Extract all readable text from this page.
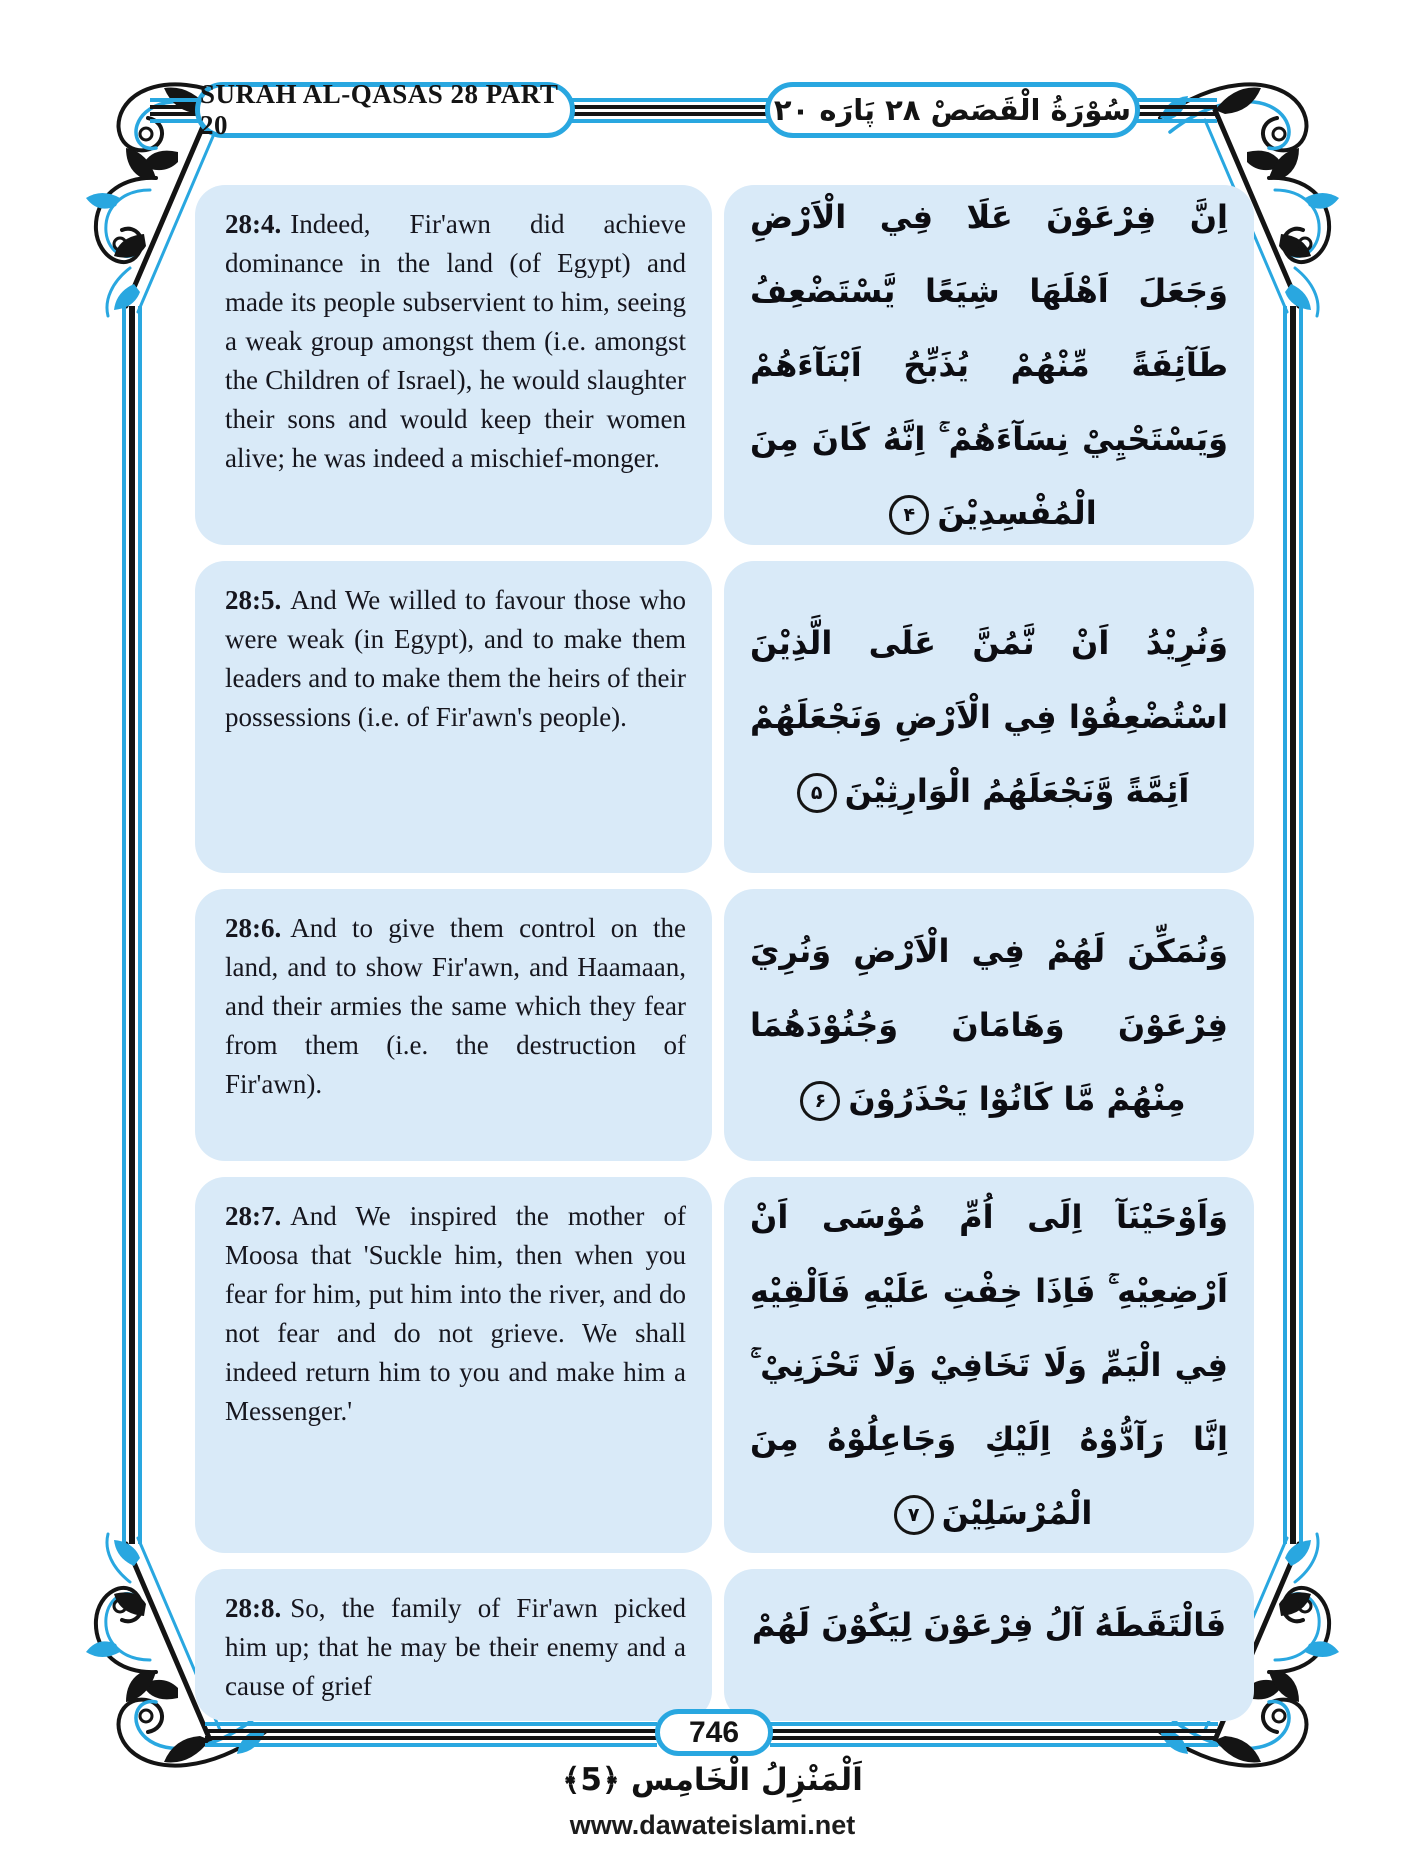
SURAH AL-QASAS 28 PART 20	سُوْرَةُ الْقَصَصْ ۲۸ پَارَه ۲۰

28:4. Indeed, Fir'awn did achieve dominance in the land (of Egypt) and made its people subservient to him, seeing a weak group amongst them (i.e. amongst the Children of Israel), he would slaughter their sons and would keep their women alive; he was indeed a mischief-monger.

اِنَّ فِرْعَوْنَ عَلَا فِي الْاَرْضِ وَجَعَلَ اَهْلَهَا شِيَعًا يَّسْتَضْعِفُ طَآئِفَةً مِّنْهُمْ يُذَبِّحُ اَبْنَآءَهُمْ وَيَسْتَحْيِيْ نِسَآءَهُمْ ۚ اِنَّهُ كَانَ مِنَ الْمُفْسِدِيْنَ۴

28:5. And We willed to favour those who were weak (in Egypt), and to make them leaders and to make them the heirs of their possessions (i.e. of Fir'awn's people).

وَنُرِيْدُ اَنْ نَّمُنَّ عَلَى الَّذِيْنَ اسْتُضْعِفُوْا فِي الْاَرْضِ وَنَجْعَلَهُمْ اَئِمَّةً وَّنَجْعَلَهُمُ الْوَارِثِيْنَ۵

28:6. And to give them control on the land, and to show Fir'awn, and Haamaan, and their armies the same which they fear from them (i.e. the destruction of Fir'awn).

وَنُمَكِّنَ لَهُمْ فِي الْاَرْضِ وَنُرِيَ فِرْعَوْنَ وَهَامَانَ وَجُنُوْدَهُمَا مِنْهُمْ مَّا كَانُوْا يَحْذَرُوْنَ۶

28:7. And We inspired the mother of Moosa that 'Suckle him, then when you fear for him, put him into the river, and do not fear and do not grieve. We shall indeed return him to you and make him a Messenger.'

وَاَوْحَيْنَآ اِلَى اُمِّ مُوْسَى اَنْ اَرْضِعِيْهِ ۚ فَاِذَا خِفْتِ عَلَيْهِ فَاَلْقِيْهِ فِي الْيَمِّ وَلَا تَخَافِيْ وَلَا تَحْزَنِيْ ۚ اِنَّا رَآدُّوْهُ اِلَيْكِ وَجَاعِلُوْهُ مِنَ الْمُرْسَلِيْنَ۷

28:8. So, the family of Fir'awn picked him up; that he may be their enemy and a cause of grief

فَالْتَقَطَهُ آلُ فِرْعَوْنَ لِيَكُوْنَ لَهُمْ

746
اَلْمَنْزِلُ الْخَامِس ﴿5﴾
www.dawateislami.net
